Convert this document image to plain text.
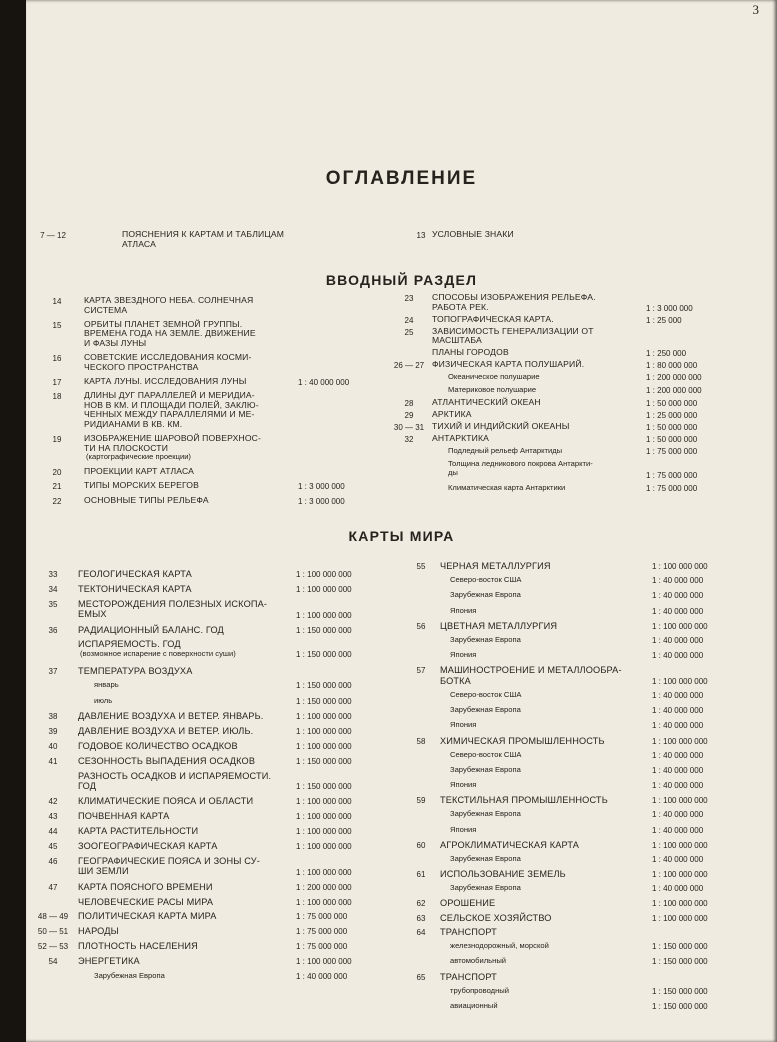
3
ОГЛАВЛЕНИЕ
ВВОДНЫЙ РАЗДЕЛ
КАРТЫ МИРА
7 — 12	ПОЯСНЕНИЯ К КАРТАМ И ТАБЛИЦАМ
АТЛАСА
13 УСЛОВНЫЕ ЗНАКИ
14	КАРТА ЗВЕЗДНОГО НЕБА. СОЛНЕЧНАЯ
СИСТЕМА
15	ОРБИТЫ ПЛАНЕТ ЗЕМНОЙ ГРУППЫ.
ВРЕМЕНА ГОДА НА ЗЕМЛЕ. ДВИЖЕНИЕ
И ФАЗЫ ЛУНЫ
16	СОВЕТСКИЕ ИССЛЕДОВАНИЯ КОСМИ-
ЧЕСКОГО ПРОСТРАНСТВА
17	КАРТА ЛУНЫ. ИССЛЕДОВАНИЯ ЛУНЫ · · ·	1 : 40 000 000
18	ДЛИНЫ ДУГ ПАРАЛЛЕЛЕЙ И МЕРИДИА-
НОВ В КМ. И ПЛОЩАДИ ПОЛЕЙ, ЗАКЛЮ-
ЧЕННЫХ МЕЖДУ ПАРАЛЛЕЛЯМИ И МЕ-
РИДИАНАМИ В КВ. КМ.
19	ИЗОБРАЖЕНИЕ ШАРОВОЙ ПОВЕРХНОС-
ТИ НА ПЛОСКОСТИ
(картографические проекции)
20	ПРОЕКЦИИ КАРТ АТЛАСА
21	ТИПЫ МОРСКИХ БЕРЕГОВ · · ·	1 : 3 000 000
22	ОСНОВНЫЕ ТИПЫ РЕЛЬЕФА · · ·	1 : 3 000 000
23	СПОСОБЫ ИЗОБРАЖЕНИЯ РЕЛЬЕФА.
РАБОТА РЕК. · · ·	1 : 3 000 000
24	ТОПОГРАФИЧЕСКАЯ КАРТА. · · ·	1 : 25 000
25	ЗАВИСИМОСТЬ ГЕНЕРАЛИЗАЦИИ ОТ
МАСШТАБА
ПЛАНЫ ГОРОДОВ · · ·	1 : 250 000
26 — 27 ФИЗИЧЕСКАЯ КАРТА ПОЛУШАРИЙ. · · ·	1 : 80 000 000
Океаническое полушарие · · ·	1 : 200 000 000
Материковое полушарие · · ·	1 : 200 000 000
28	АТЛАНТИЧЕСКИЙ ОКЕАН · · ·	1 : 50 000 000
29	АРКТИКА · · ·	1 : 25 000 000
30 — 31 ТИХИЙ И ИНДИЙСКИЙ ОКЕАНЫ · · ·	1 : 50 000 000
32	АНТАРКТИКА · · ·	1 : 50 000 000
Подледный рельеф Антарктиды · · ·	1 : 75 000 000
Толщина ледникового покрова Антаркти-
ды · · ·	1 : 75 000 000
Климатическая карта Антарктики · · ·	1 : 75 000 000
33	ГЕОЛОГИЧЕСКАЯ КАРТА · · ·	1 : 100 000 000
34	ТЕКТОНИЧЕСКАЯ КАРТА · · ·	1 : 100 000 000
35	МЕСТОРОЖДЕНИЯ ПОЛЕЗНЫХ ИСКОПА-
ЕМЫХ · · ·	1 : 100 000 000
36	РАДИАЦИОННЫЙ БАЛАНС. ГОД · · ·	1 : 150 000 000
ИСПАРЯЕМОСТЬ. ГОД
(возможное испарение с поверхности суши) · · ·	1 : 150 000 000
37	ТЕМПЕРАТУРА ВОЗДУХА
январь · · ·	1 : 150 000 000
июль · · ·	1 : 150 000 000
38	ДАВЛЕНИЕ ВОЗДУХА И ВЕТЕР. ЯНВАРЬ. · · ·	1 : 100 000 000
39	ДАВЛЕНИЕ ВОЗДУХА И ВЕТЕР. ИЮЛЬ. · · ·	1 : 100 000 000
40	ГОДОВОЕ КОЛИЧЕСТВО ОСАДКОВ · · ·	1 : 100 000 000
41	СЕЗОННОСТЬ ВЫПАДЕНИЯ ОСАДКОВ · · ·	1 : 150 000 000
РАЗНОСТЬ ОСАДКОВ И ИСПАРЯЕМОСТИ.
ГОД · · ·	1 : 150 000 000
42	КЛИМАТИЧЕСКИЕ ПОЯСА И ОБЛАСТИ · · ·	1 : 100 000 000
43	ПОЧВЕННАЯ КАРТА · · ·	1 : 100 000 000
44	КАРТА РАСТИТЕЛЬНОСТИ · · ·	1 : 100 000 000
45	ЗООГЕОГРАФИЧЕСКАЯ КАРТА · · ·	1 : 100 000 000
46	ГЕОГРАФИЧЕСКИЕ ПОЯСА И ЗОНЫ СУ-
ШИ ЗЕМЛИ · · ·	1 : 100 000 000
47	КАРТА ПОЯСНОГО ВРЕМЕНИ · · ·	1 : 200 000 000
ЧЕЛОВЕЧЕСКИЕ РАСЫ МИРА · · ·	1 : 100 000 000
48 — 49	ПОЛИТИЧЕСКАЯ КАРТА МИРА · · ·	1 : 75 000 000
50 — 51	НАРОДЫ · · ·	1 : 75 000 000
52 — 53	ПЛОТНОСТЬ НАСЕЛЕНИЯ · · ·	1 : 75 000 000
54	ЭНЕРГЕТИКА · · ·	1 : 100 000 000
Зарубежная Европа · · ·	1 : 40 000 000
55	ЧЕРНАЯ МЕТАЛЛУРГИЯ · · ·	1 : 100 000 000
Северо-восток США · · ·	1 : 40 000 000
Зарубежная Европа · · ·	1 : 40 000 000
Япония · · ·	1 : 40 000 000
56	ЦВЕТНАЯ МЕТАЛЛУРГИЯ · · ·	1 : 100 000 000
Зарубежная Европа · · ·	1 : 40 000 000
Япония · · ·	1 : 40 000 000
57	МАШИНОСТРОЕНИЕ И МЕТАЛЛООБРА-
БОТКА · · ·	1 : 100 000 000
Северо-восток США · · ·	1 : 40 000 000
Зарубежная Европа · · ·	1 : 40 000 000
Япония · · ·	1 : 40 000 000
58	ХИМИЧЕСКАЯ ПРОМЫШЛЕННОСТЬ · · ·	1 : 100 000 000
Северо-восток США · · ·	1 : 40 000 000
Зарубежная Европа · · ·	1 : 40 000 000
Япония · · ·	1 : 40 000 000
59	ТЕКСТИЛЬНАЯ ПРОМЫШЛЕННОСТЬ · · ·	1 : 100 000 000
Зарубежная Европа · · ·	1 : 40 000 000
Япония · · ·	1 : 40 000 000
60	АГРОКЛИМАТИЧЕСКАЯ КАРТА · · ·	1 : 100 000 000
Зарубежная Европа · · ·	1 : 40 000 000
61	ИСПОЛЬЗОВАНИЕ ЗЕМЕЛЬ · · ·	1 : 100 000 000
Зарубежная Европа · · ·	1 : 40 000 000
62	ОРОШЕНИЕ · · ·	1 : 100 000 000
63	СЕЛЬСКОЕ ХОЗЯЙСТВО · · ·	1 : 100 000 000
64	ТРАНСПОРТ
железнодорожный, морской · · ·	1 : 150 000 000
автомобильный · · ·	1 : 150 000 000
65	ТРАНСПОРТ
трубопроводный · · ·	1 : 150 000 000
авиационный · · ·	1 : 150 000 000
